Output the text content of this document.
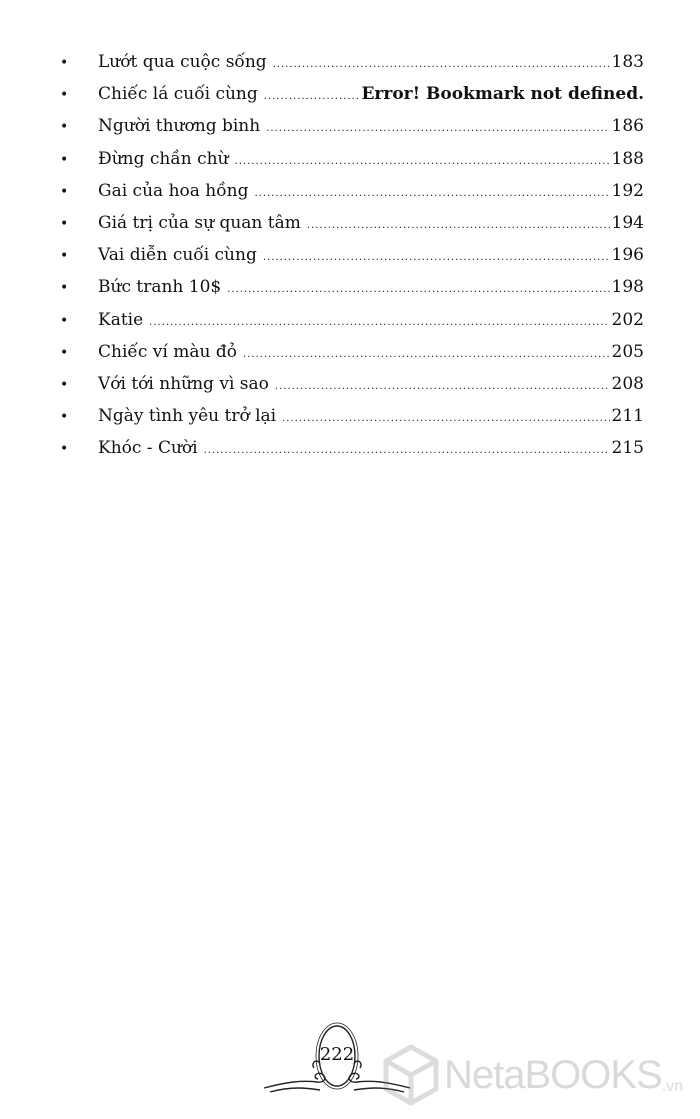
•	Lướt qua cuộc sống .....	183
•	Chiếc lá cuối cùng .....	Error! Bookmark not defined.
•	Người thương binh .....	186
•	Đừng chần chừ .....	188
•	Gai của hoa hồng .....	192
•	Giá trị của sự quan tâm .....	194
•	Vai diễn cuối cùng .....	196
•	Bức tranh 10$ .....	198
•	Katie .....	202
•	Chiếc ví màu đỏ .....	205
•	Với tới những vì sao .....	208
•	Ngày tình yêu trở lại .....	211
•	Khóc - Cười .....	215
222	NetaBOOKS .vn
